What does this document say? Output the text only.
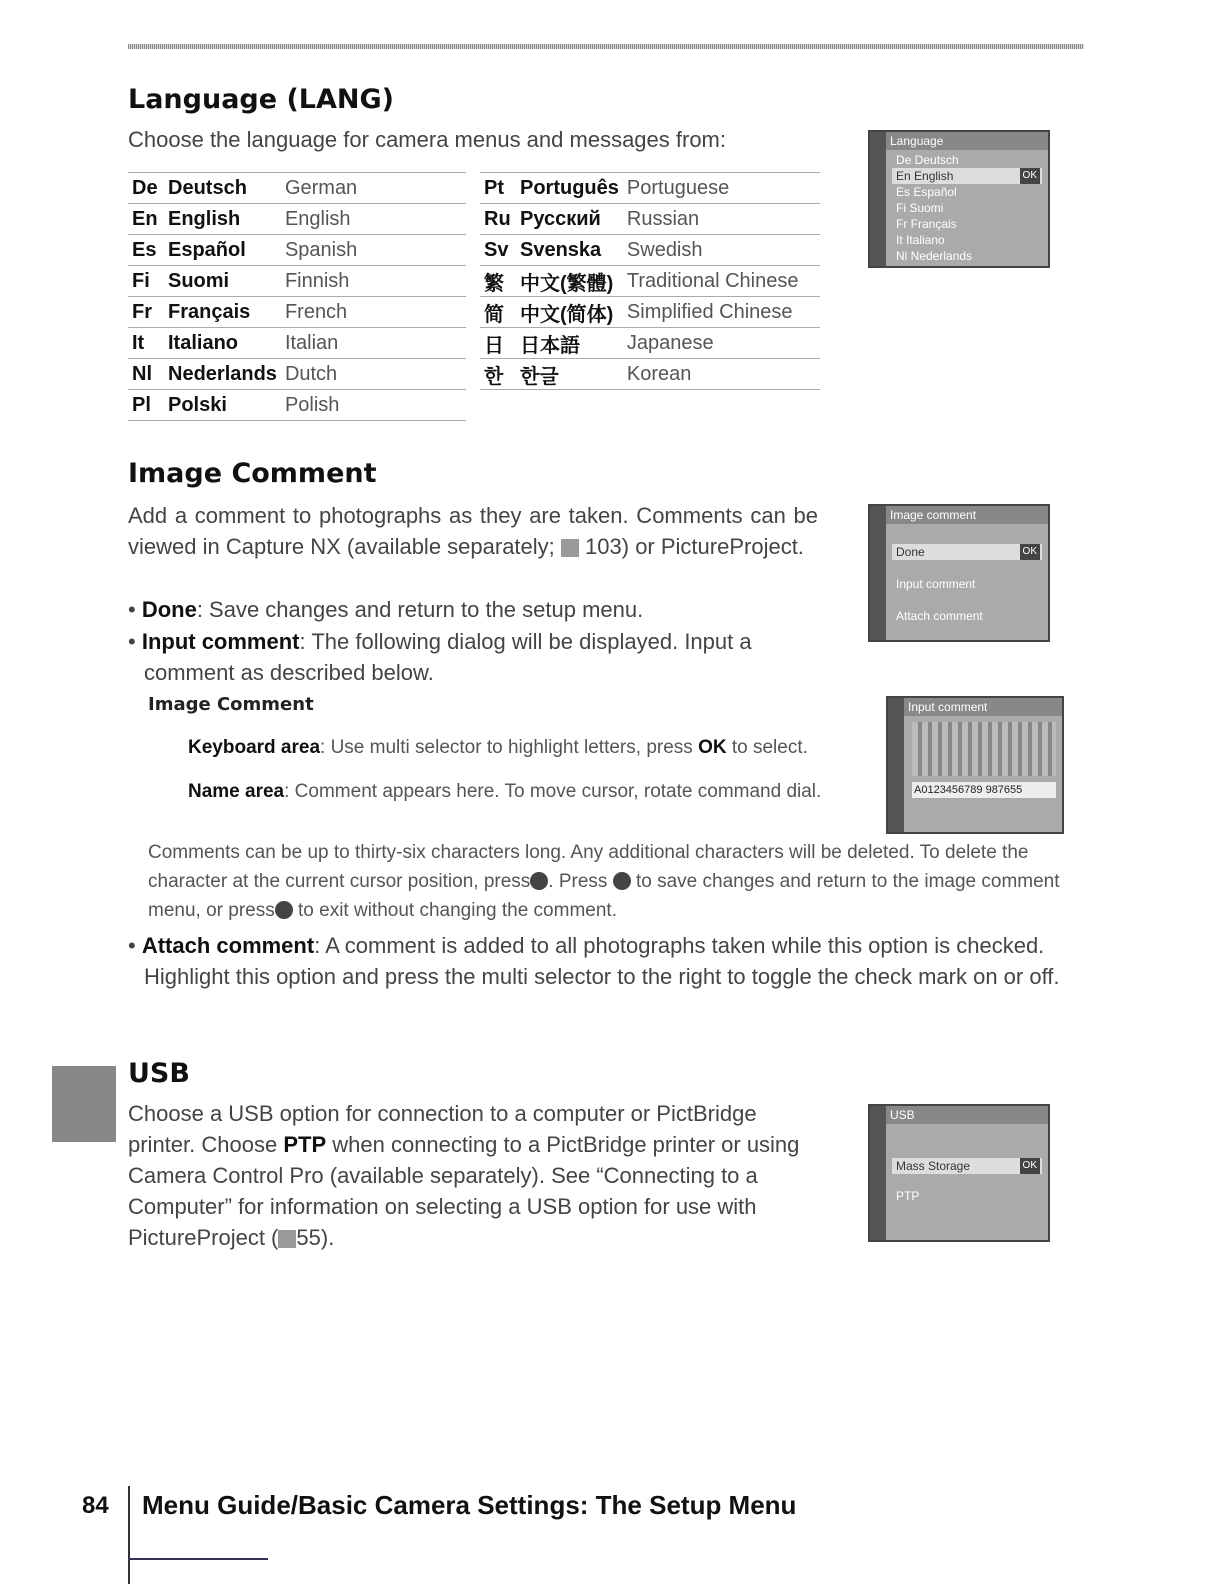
Language (LANG)

Choose the language for camera menus and messages from:

De	Deutsch	German
En	English	English
Es	Español	Spanish
Fi	Suomi	Finnish
Fr	Français	French
It	Italiano	Italian
Nl	Nederlands	Dutch
Pl	Polski	Polish
Pt	Português	Portuguese
Ru	Русский	Russian
Sv	Svenska	Swedish
繁	中文(繁體)	Traditional Chinese
简	中文(简体)	Simplified Chinese
日	日本語	Japanese
한	한글	Korean
Language
De Deutsch
En English	OK
Es Español
Fi Suomi
Fr Français
It Italiano
Nl Nederlands
Image Comment

Add a comment to photographs as they are taken. Comments can be viewed in Capture NX (available separately; 103) or PictureProject.

• Done: Save changes and return to the setup menu.

• Input comment: The following dialog will be displayed. Input a comment as described below.

Image comment
Done	OK
Input comment
Attach comment

Image Comment

Keyboard area: Use multi selector to highlight letters, press OK to select.

Name area: Comment appears here. To move cursor, rotate command dial.

Input comment
A0123456789 987655

Comments can be up to thirty-six characters long. Any additional characters will be deleted. To delete the character at the current cursor position, press . Press to save changes and return to the image comment menu, or press to exit without changing the comment.

• Attach comment: A comment is added to all photographs taken while this option is checked. Highlight this option and press the multi selector to the right to toggle the check mark on or off.

USB

Choose a USB option for connection to a computer or PictBridge printer. Choose PTP when connecting to a PictBridge printer or using Camera Control Pro (available separately). See “Connecting to a Computer” for information on selecting a USB option for use with PictureProject ( 55).

USB
Mass Storage	OK
PTP
84 Menu Guide/Basic Camera Settings: The Setup Menu
